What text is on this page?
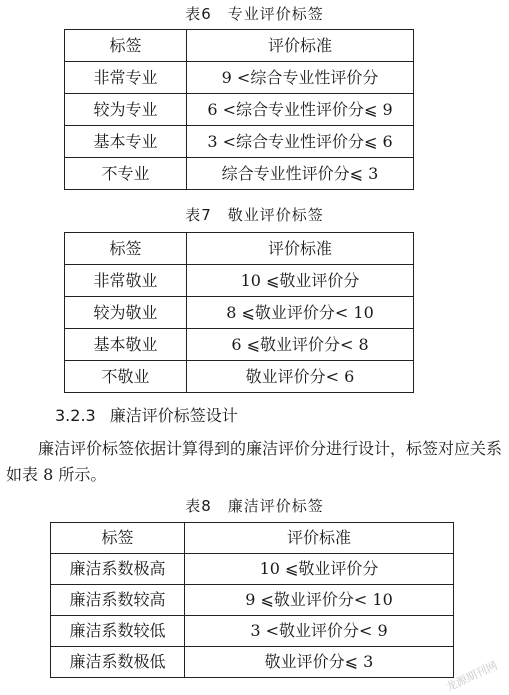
表6　专业评价标签
标签	评价标准
非常专业	9 <综合专业性评价分
较为专业	6 <综合专业性评价分⩽ 9
基本专业	3 <综合专业性评价分⩽ 6
不专业	综合专业性评价分⩽ 3
表7　敬业评价标签
标签	评价标准
非常敬业	10 ⩽敬业评价分
较为敬业	8 ⩽敬业评价分< 10
基本敬业	6 ⩽敬业评价分< 8
不敬业	敬业评价分< 6
3.2.3 廉洁评价标签设计
廉洁评价标签依据计算得到的廉洁评价分进行设计，标签对应关系如表 8 所示。
表8　廉洁评价标签
标签	评价标准
廉洁系数极高	10 ⩽敬业评价分
廉洁系数较高	9 ⩽敬业评价分< 10
廉洁系数较低	3 <敬业评价分< 9
廉洁系数极低	敬业评价分⩽ 3	龙源期刊网
